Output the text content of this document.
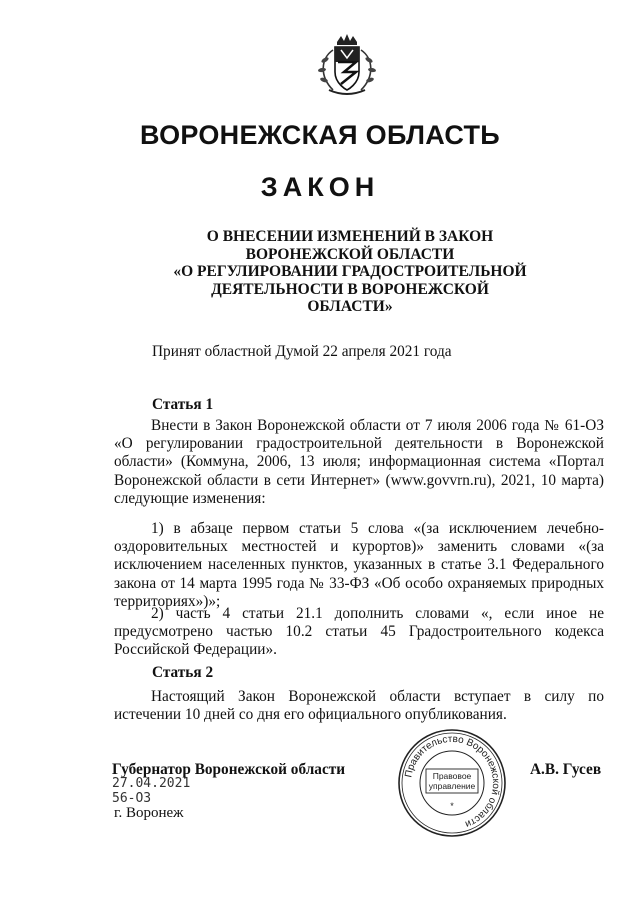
ВОРОНЕЖСКАЯ ОБЛАСТЬ
ЗАКОН
О ВНЕСЕНИИ ИЗМЕНЕНИЙ В ЗАКОН
ВОРОНЕЖСКОЙ ОБЛАСТИ
«О РЕГУЛИРОВАНИИ ГРАДОСТРОИТЕЛЬНОЙ
ДЕЯТЕЛЬНОСТИ В ВОРОНЕЖСКОЙ
ОБЛАСТИ»
Принят областной Думой 22 апреля 2021 года
Статья 1

Внести в Закон Воронежской области от 7 июля 2006 года № 61-ОЗ «О регулировании градостроительной деятельности в Воронежской области» (Коммуна, 2006, 13 июля; информационная система «Портал Воронежской области в сети Интернет» (www.govvrn.ru), 2021, 10 марта) следующие изменения:

1) в абзаце первом статьи 5 слова «(за исключением лечебно-оздоровительных местностей и курортов)» заменить словами «(за исключением населенных пунктов, указанных в статье 3.1 Федерального закона от 14 марта 1995 года № 33-ФЗ «Об особо охраняемых природных территориях»)»;

2) часть 4 статьи 21.1 дополнить словами «, если иное не предусмотрено частью 10.2 статьи 45 Градостроительного кодекса Российской Федерации».

Статья 2

Настоящий Закон Воронежской области вступает в силу по истечении 10 дней со дня его официального опубликования.

Губернатор Воронежской области	А.В. Гусев
27.04.2021
56-ОЗ
г. Воронеж
Правительство Воронежской области
Правовое
управление
*
